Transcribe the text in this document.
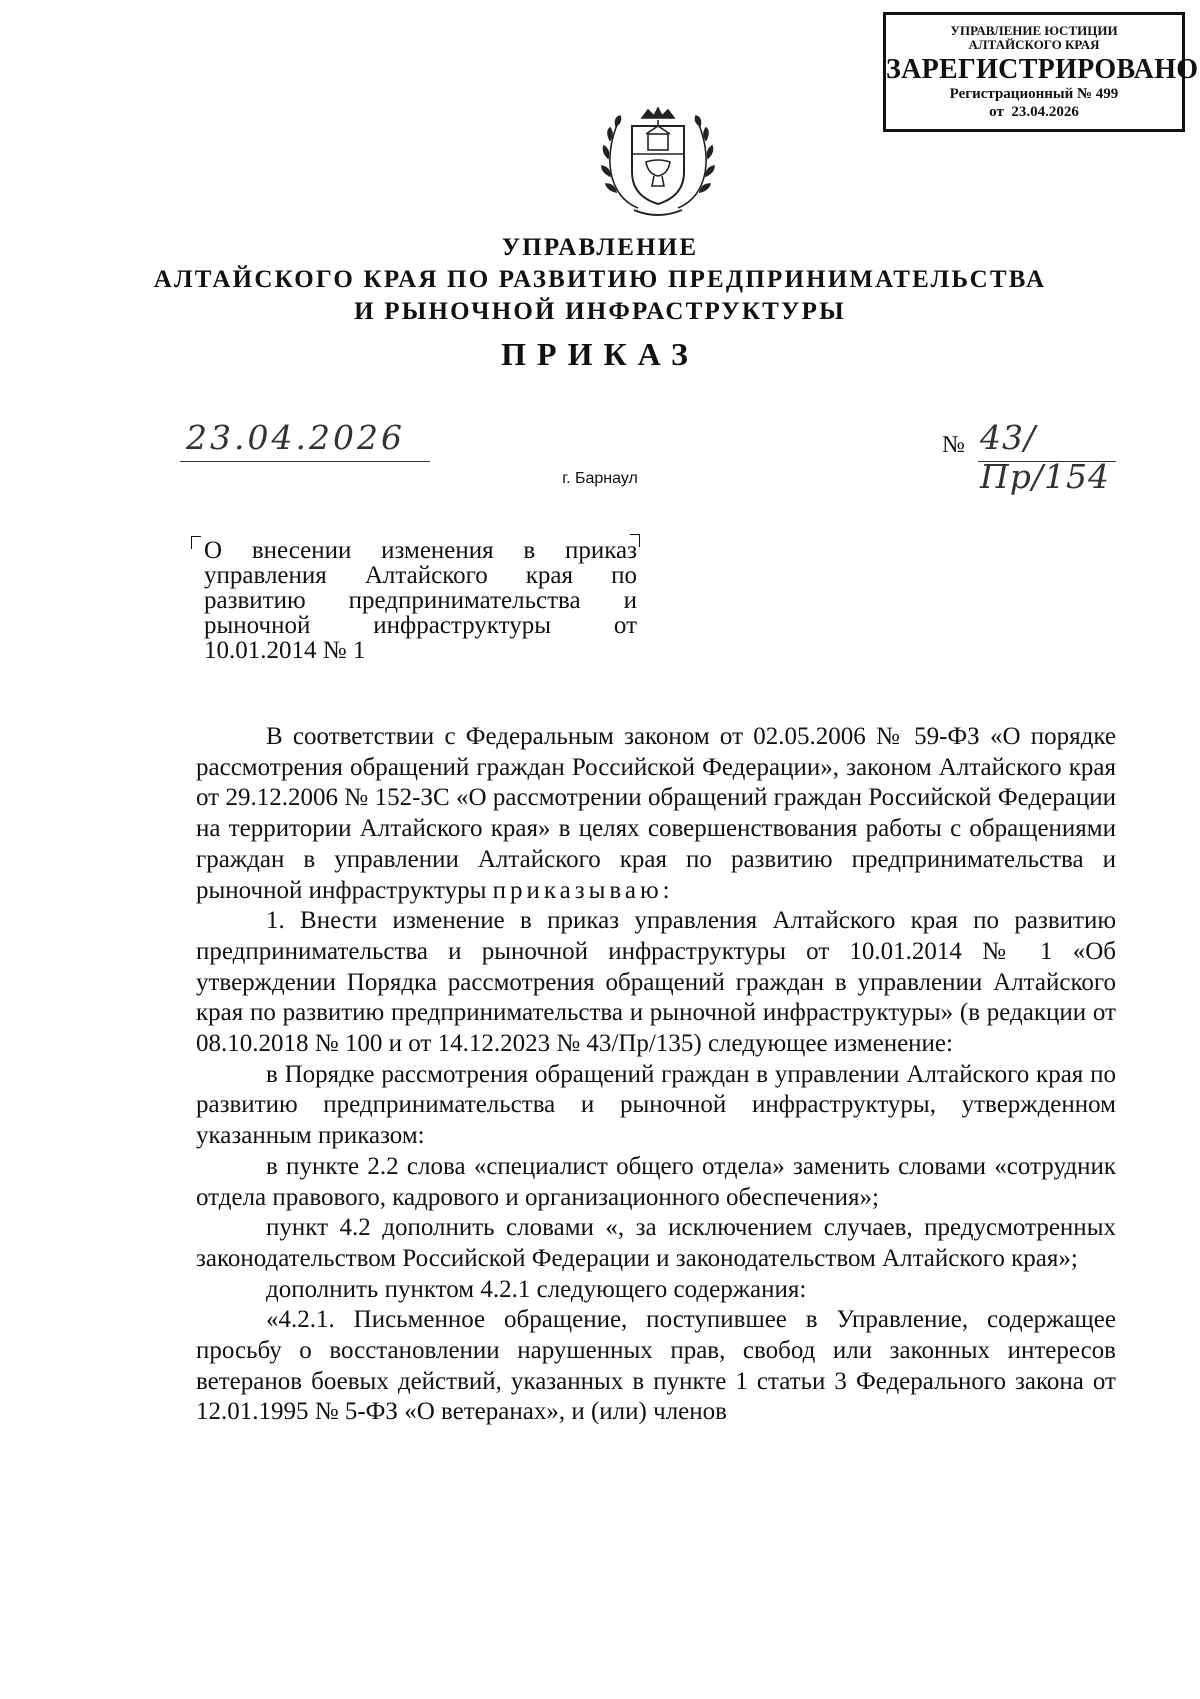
УПРАВЛЕНИЕ ЮСТИЦИИ
АЛТАЙСКОГО КРАЯ
ЗАРЕГИСТРИРОВАНО
Регистрационный № 499
от  23.04.2026
УПРАВЛЕНИЕ
АЛТАЙСКОГО КРАЯ ПО РАЗВИТИЮ ПРЕДПРИНИМАТЕЛЬСТВА
И РЫНОЧНОЙ ИНФРАСТРУКТУРЫ
ПРИКАЗ
23.04.2026	№ 43/Пр/154
г. Барнаул
О внесении изменения в приказ управления Алтайского края по развитию предпринимательства и рыночной инфраструктуры от 10.01.2014 № 1

В соответствии с Федеральным законом от 02.05.2006 № 59-ФЗ «О порядке рассмотрения обращений граждан Российской Федерации», законом Алтайского края от 29.12.2006 № 152-ЗС «О рассмотрении обращений граждан Российской Федерации на территории Алтайского края» в целях совершенствования работы с обращениями граждан в управлении Алтайского края по развитию предпринимательства и рыночной инфраструктуры приказываю:

1. Внести изменение в приказ управления Алтайского края по развитию предпринимательства и рыночной инфраструктуры от 10.01.2014 № 1 «Об утверждении Порядка рассмотрения обращений граждан в управлении Алтайского края по развитию предпринимательства и рыночной инфраструктуры» (в редакции от 08.10.2018 № 100 и от 14.12.2023 № 43/Пр/135) следующее изменение:

в Порядке рассмотрения обращений граждан в управлении Алтайского края по развитию предпринимательства и рыночной инфраструктуры, утвержденном указанным приказом:

в пункте 2.2 слова «специалист общего отдела» заменить словами «сотрудник отдела правового, кадрового и организационного обеспечения»;

пункт 4.2 дополнить словами «, за исключением случаев, предусмотренных законодательством Российской Федерации и законодательством Алтайского края»;

дополнить пунктом 4.2.1 следующего содержания:

«4.2.1. Письменное обращение, поступившее в Управление, содержащее просьбу о восстановлении нарушенных прав, свобод или законных интересов ветеранов боевых действий, указанных в пункте 1 статьи 3 Федерального закона от 12.01.1995 № 5-ФЗ «О ветеранах», и (или) членов
